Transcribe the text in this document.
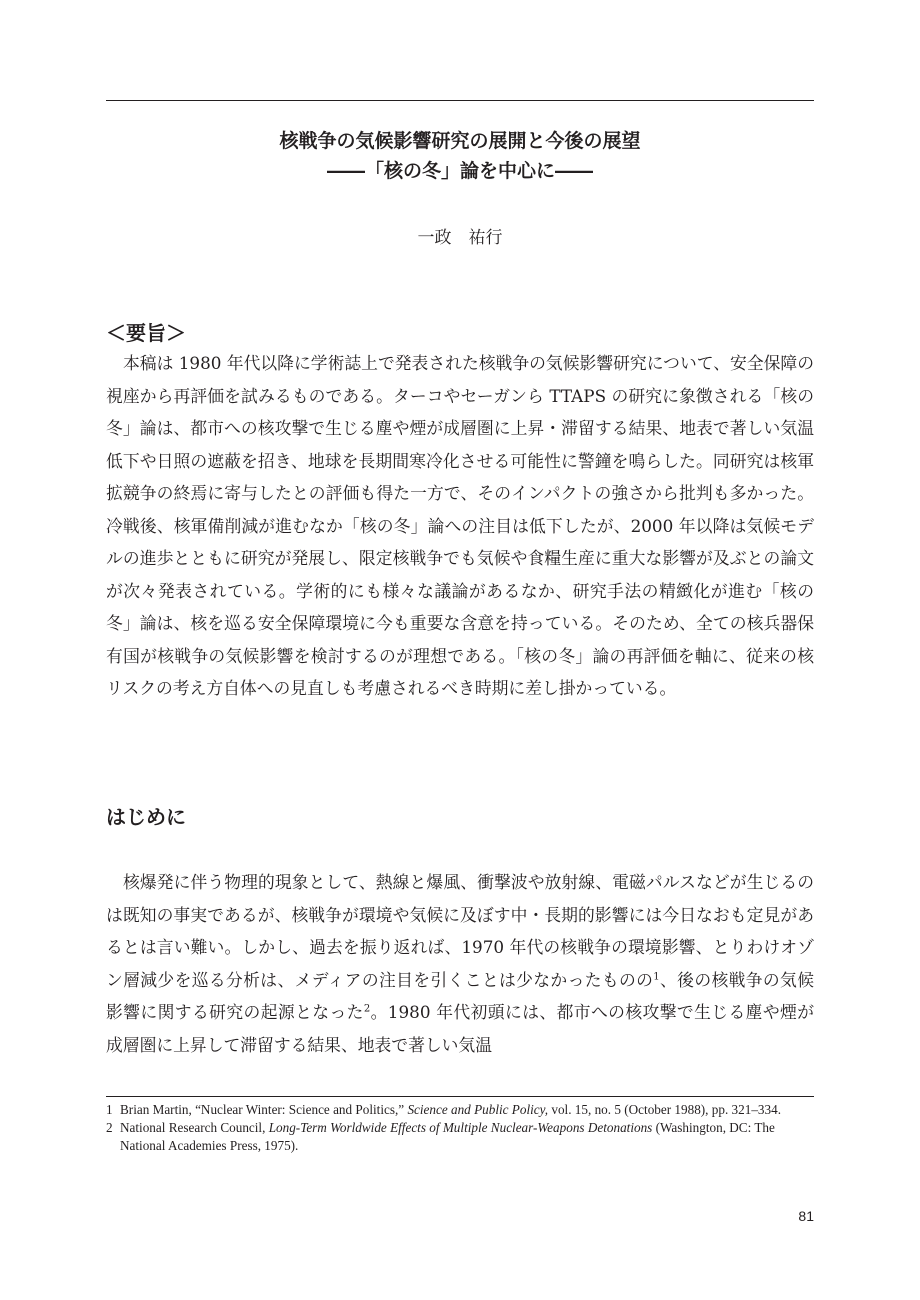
核戦争の気候影響研究の展開と今後の展望
――「核の冬」論を中心に――

一政　祐行

＜要旨＞

本稿は 1980 年代以降に学術誌上で発表された核戦争の気候影響研究について、安全保障の視座から再評価を試みるものである。ターコやセーガンら TTAPS の研究に象徴される「核の冬」論は、都市への核攻撃で生じる塵や煙が成層圏に上昇・滞留する結果、地表で著しい気温低下や日照の遮蔽を招き、地球を長期間寒冷化させる可能性に警鐘を鳴らした。同研究は核軍拡競争の終焉に寄与したとの評価も得た一方で、そのインパクトの強さから批判も多かった。冷戦後、核軍備削減が進むなか「核の冬」論への注目は低下したが、2000 年以降は気候モデルの進歩とともに研究が発展し、限定核戦争でも気候や食糧生産に重大な影響が及ぶとの論文が次々発表されている。学術的にも様々な議論があるなか、研究手法の精緻化が進む「核の冬」論は、核を巡る安全保障環境に今も重要な含意を持っている。そのため、全ての核兵器保有国が核戦争の気候影響を検討するのが理想である。「核の冬」論の再評価を軸に、従来の核リスクの考え方自体への見直しも考慮されるべき時期に差し掛かっている。

はじめに

核爆発に伴う物理的現象として、熱線と爆風、衝撃波や放射線、電磁パルスなどが生じるのは既知の事実であるが、核戦争が環境や気候に及ぼす中・長期的影響には今日なおも定見があるとは言い難い。しかし、過去を振り返れば、1970 年代の核戦争の環境影響、とりわけオゾン層減少を巡る分析は、メディアの注目を引くことは少なかったものの$^1$、後の核戦争の気候影響に関する研究の起源となった$^2$。1980 年代初頭には、都市への核攻撃で生じる塵や煙が成層圏に上昇して滞留する結果、地表で著しい気温

1 Brian Martin, “Nuclear Winter: Science and Politics,” Science and Public Policy, vol. 15, no. 5 (October 1988), pp. 321–334.

2 National Research Council, Long-Term Worldwide Effects of Multiple Nuclear-Weapons Detonations (Washington, DC: The National Academies Press, 1975).

81
